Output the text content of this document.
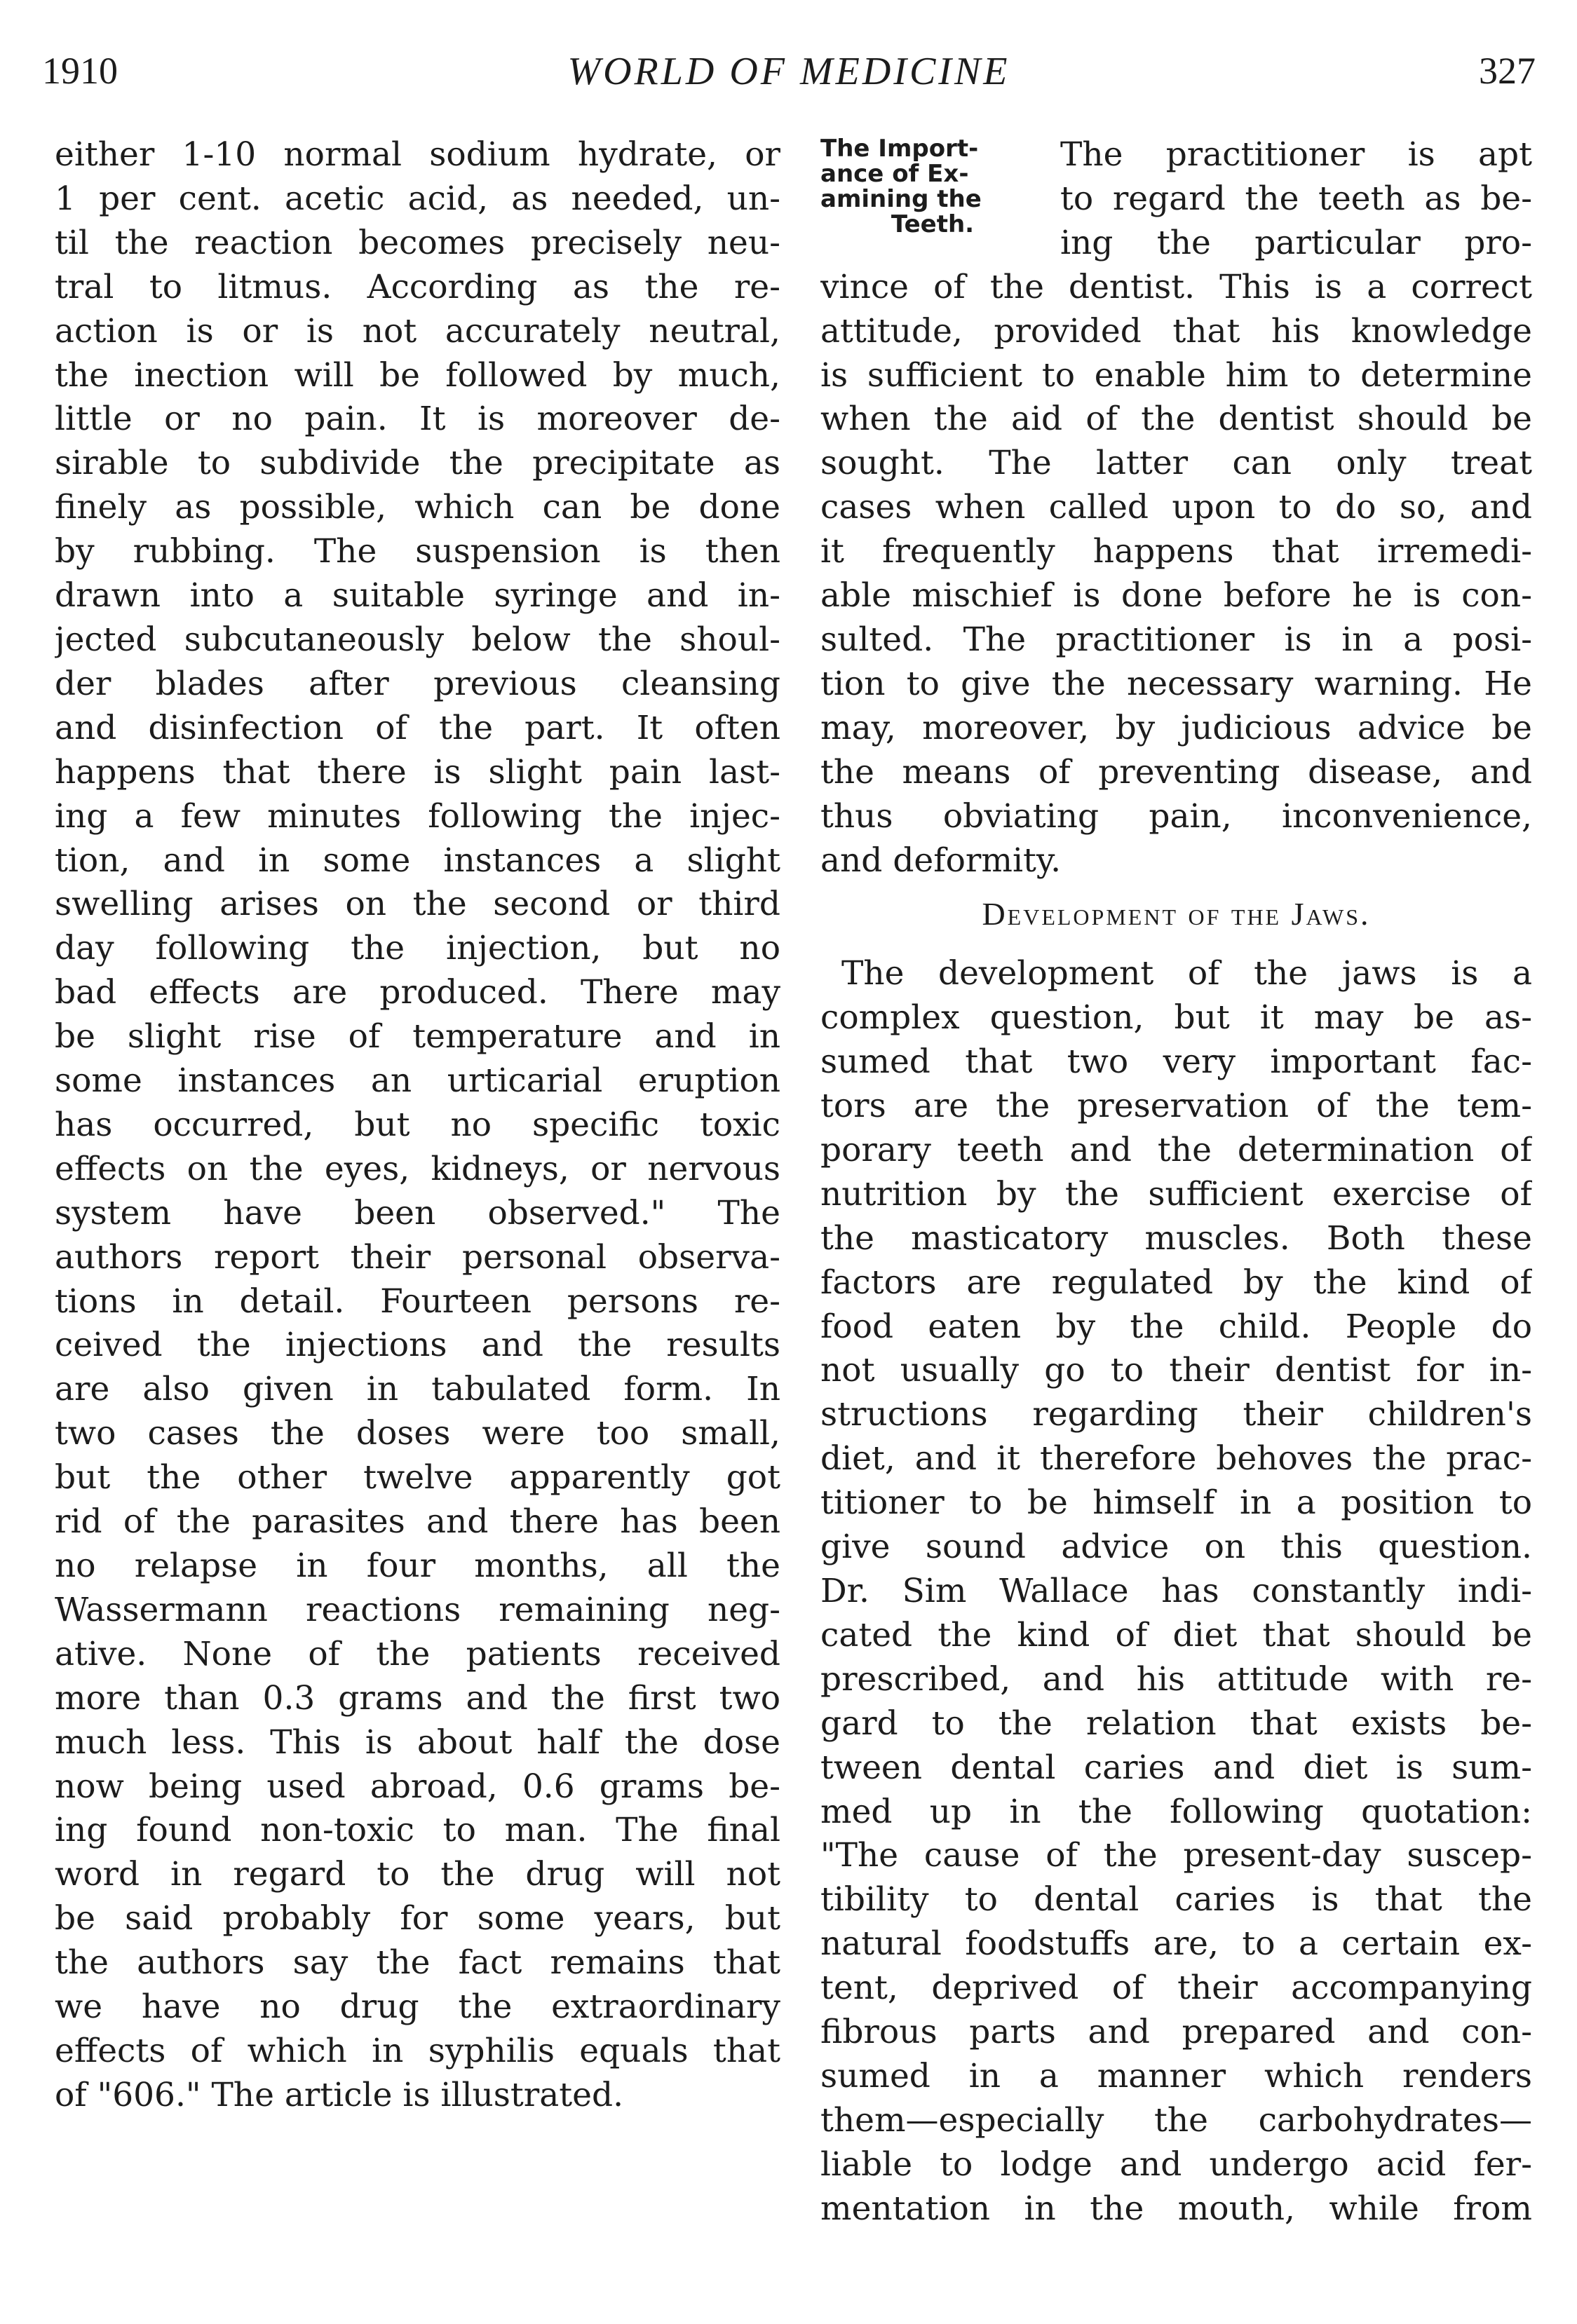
1910	WORLD OF MEDICINE	327
either 1-10 normal sodium hydrate, or
1 per cent. acetic acid, as needed, un-
til the reaction becomes precisely neu-
tral to litmus. According as the re-
action is or is not accurately neutral,
the inection will be followed by much,
little or no pain. It is moreover de-
sirable to subdivide the precipitate as
finely as possible, which can be done
by rubbing. The suspension is then
drawn into a suitable syringe and in-
jected subcutaneously below the shoul-
der blades after previous cleansing
and disinfection of the part. It often
happens that there is slight pain last-
ing a few minutes following the injec-
tion, and in some instances a slight
swelling arises on the second or third
day following the injection, but no
bad effects are produced. There may
be slight rise of temperature and in
some instances an urticarial eruption
has occurred, but no specific toxic
effects on the eyes, kidneys, or nervous
system have been observed." The
authors report their personal observa-
tions in detail. Fourteen persons re-
ceived the injections and the results
are also given in tabulated form. In
two cases the doses were too small,
but the other twelve apparently got
rid of the parasites and there has been
no relapse in four months, all the
Wassermann reactions remaining neg-
ative. None of the patients received
more than 0.3 grams and the first two
much less. This is about half the dose
now being used abroad, 0.6 grams be-
ing found non-toxic to man. The final
word in regard to the drug will not
be said probably for some years, but
the authors say the fact remains that
we have no drug the extraordinary
effects of which in syphilis equals that
of "606." The article is illustrated.
The Import-
ance of Ex-
amining the
Teeth.
The practitioner is apt
to regard the teeth as be-
ing the particular pro-
vince of the dentist. This is a correct
attitude, provided that his knowledge
is sufficient to enable him to determine
when the aid of the dentist should be
sought. The latter can only treat
cases when called upon to do so, and
it frequently happens that irremedi-
able mischief is done before he is con-
sulted. The practitioner is in a posi-
tion to give the necessary warning. He
may, moreover, by judicious advice be
the means of preventing disease, and
thus obviating pain, inconvenience,
and deformity.
Development of the Jaws.
The development of the jaws is a
complex question, but it may be as-
sumed that two very important fac-
tors are the preservation of the tem-
porary teeth and the determination of
nutrition by the sufficient exercise of
the masticatory muscles. Both these
factors are regulated by the kind of
food eaten by the child. People do
not usually go to their dentist for in-
structions regarding their children's
diet, and it therefore behoves the prac-
titioner to be himself in a position to
give sound advice on this question.
Dr. Sim Wallace has constantly indi-
cated the kind of diet that should be
prescribed, and his attitude with re-
gard to the relation that exists be-
tween dental caries and diet is sum-
med up in the following quotation:
"The cause of the present-day suscep-
tibility to dental caries is that the
natural foodstuffs are, to a certain ex-
tent, deprived of their accompanying
fibrous parts and prepared and con-
sumed in a manner which renders
them—especially the carbohydrates—
liable to lodge and undergo acid fer-
mentation in the mouth, while from
